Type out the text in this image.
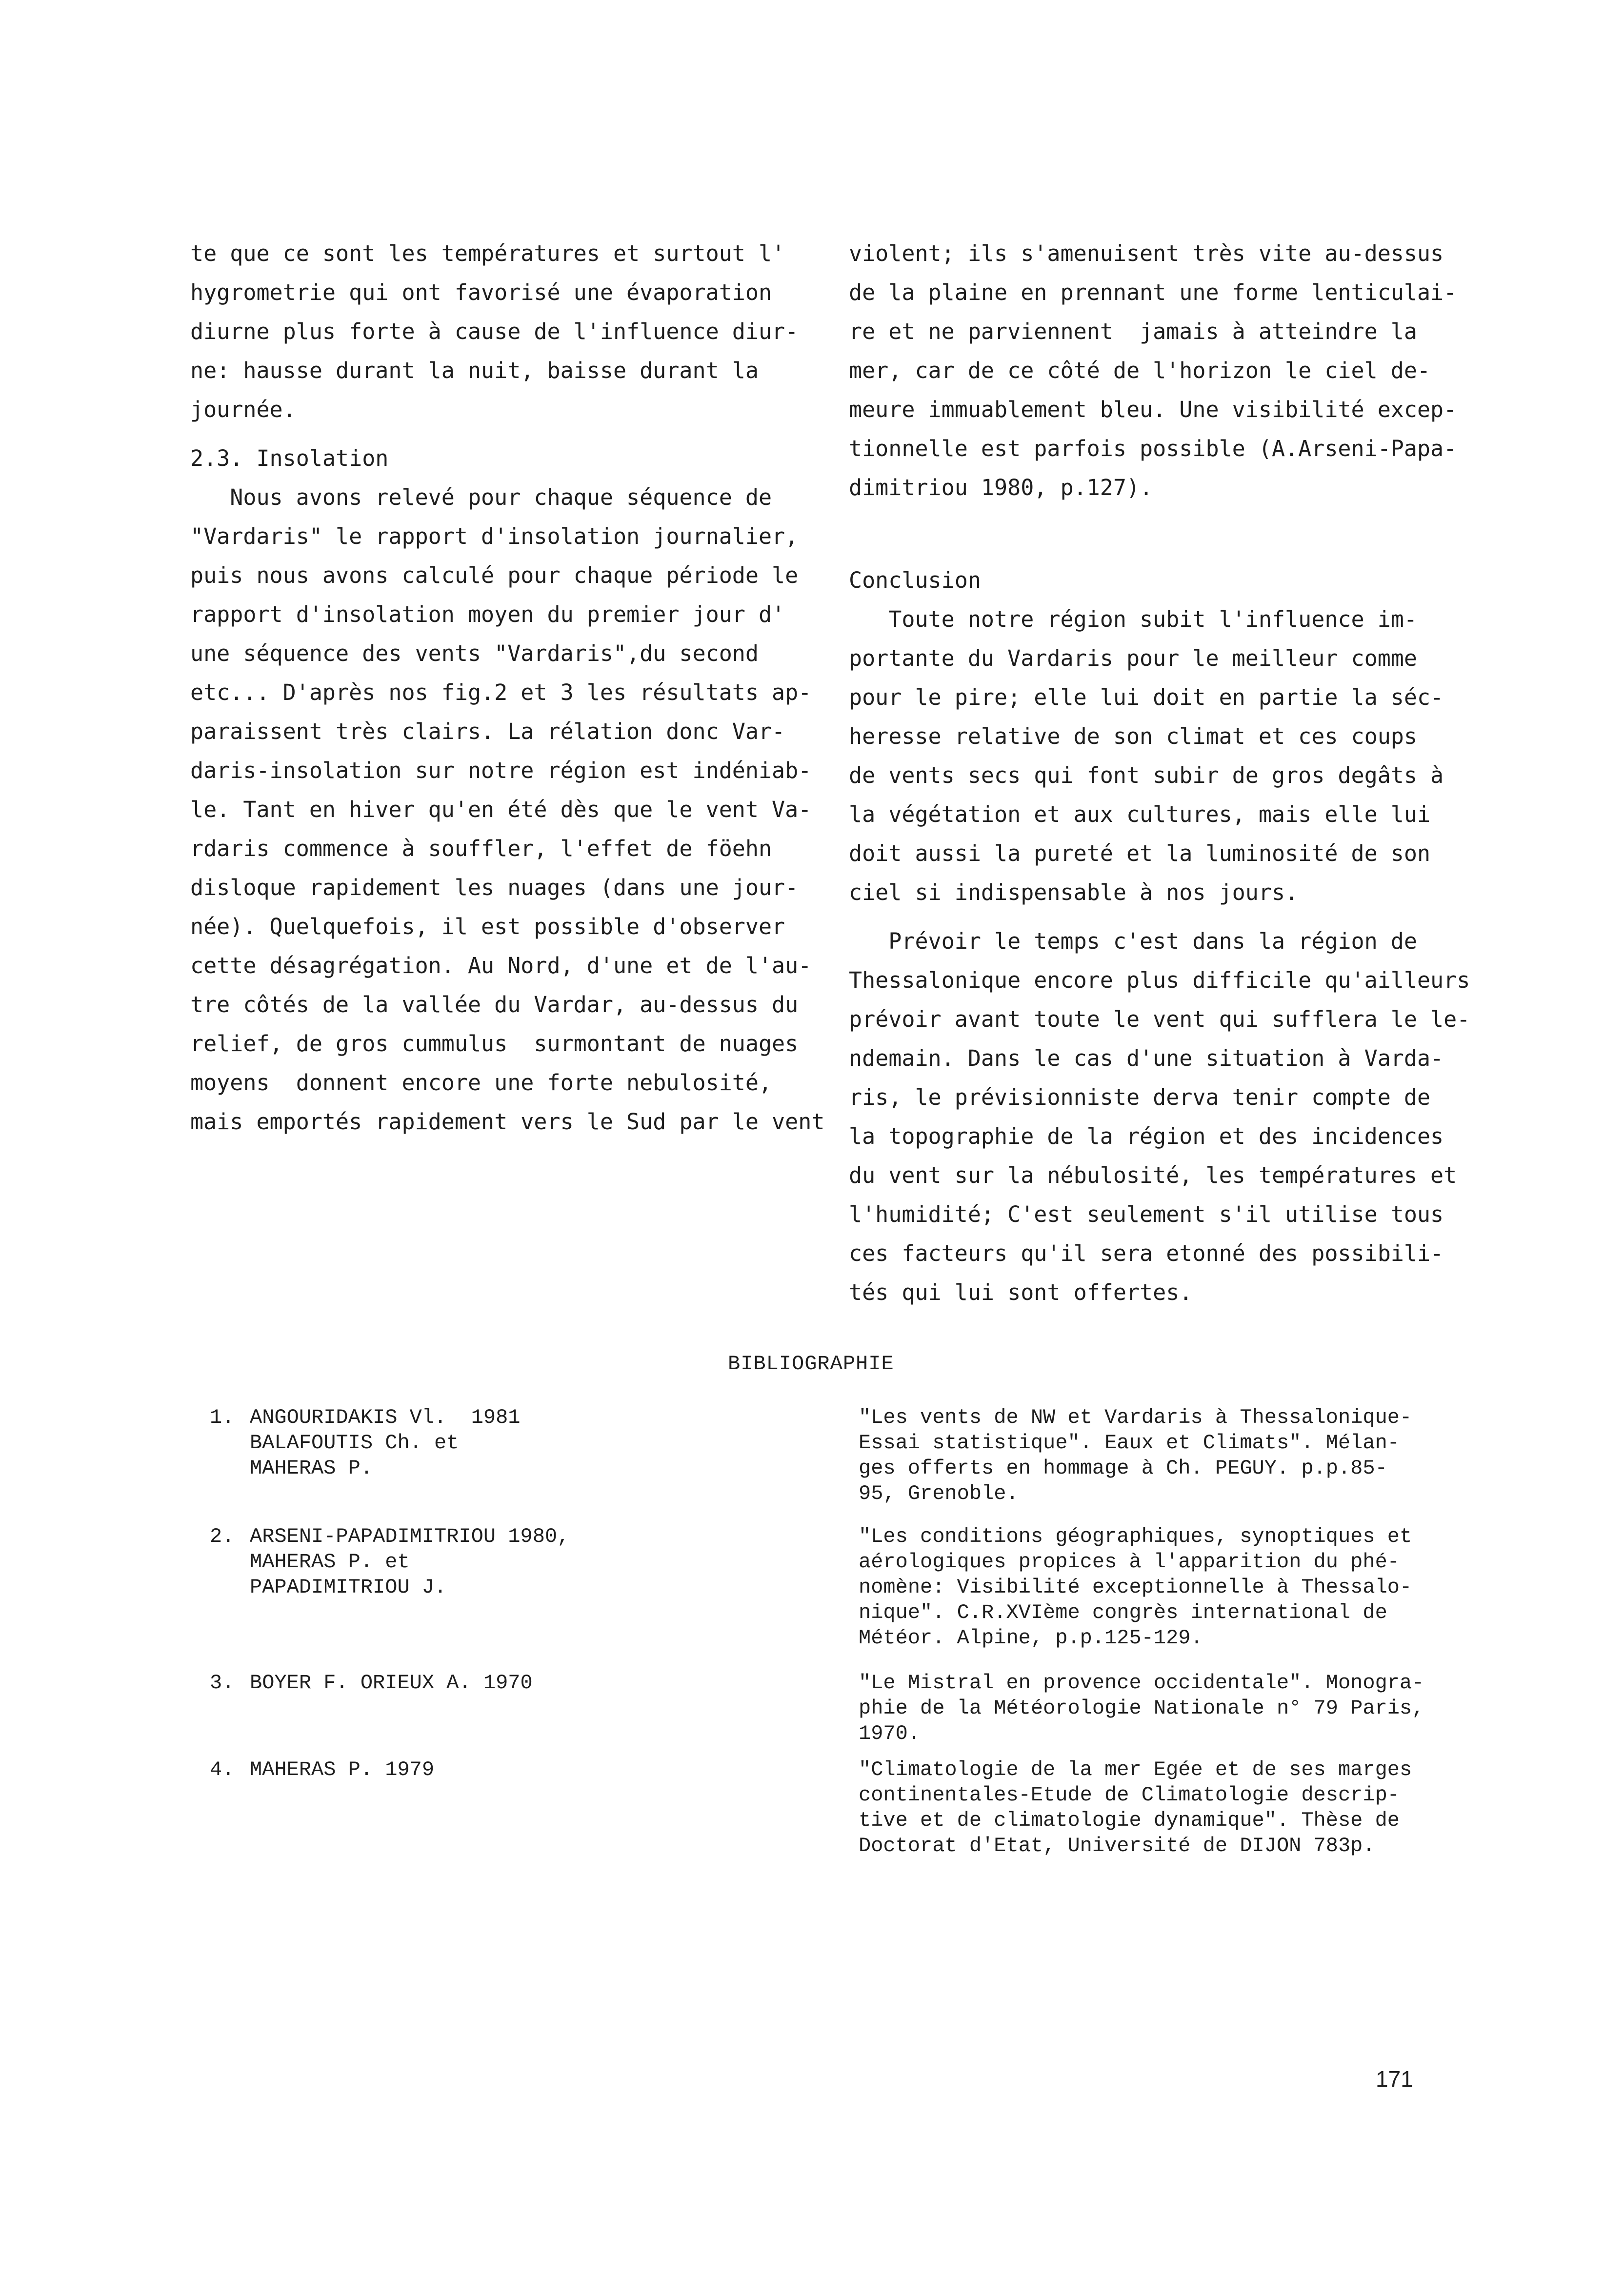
te que ce sont les températures et surtout l'
hygrometrie qui ont favorisé une évaporation
diurne plus forte à cause de l'influence diur-
ne: hausse durant la nuit, baisse durant la
journée.
2.3. Insolation
Nous avons relevé pour chaque séquence de
"Vardaris" le rapport d'insolation journalier,
puis nous avons calculé pour chaque période le
rapport d'insolation moyen du premier jour d'
une séquence des vents "Vardaris",du second
etc... D'après nos fig.2 et 3 les résultats ap-
paraissent très clairs. La rélation donc Var-
daris-insolation sur notre région est indéniab-
le. Tant en hiver qu'en été dès que le vent Va-
rdaris commence à souffler, l'effet de föehn
disloque rapidement les nuages (dans une jour-
née). Quelquefois, il est possible d'observer
cette désagrégation. Au Nord, d'une et de l'au-
tre côtés de la vallée du Vardar, au-dessus du
relief, de gros cummulus  surmontant de nuages
moyens  donnent encore une forte nebulosité,
mais emportés rapidement vers le Sud par le vent
violent; ils s'amenuisent très vite au-dessus
de la plaine en prennant une forme lenticulai-
re et ne parviennent  jamais à atteindre la
mer, car de ce côté de l'horizon le ciel de-
meure immuablement bleu. Une visibilité excep-
tionnelle est parfois possible (A.Arseni-Papa-
dimitriou 1980, p.127).
Conclusion
Toute notre région subit l'influence im-
portante du Vardaris pour le meilleur comme
pour le pire; elle lui doit en partie la séc-
heresse relative de son climat et ces coups
de vents secs qui font subir de gros degâts à
la végétation et aux cultures, mais elle lui
doit aussi la pureté et la luminosité de son
ciel si indispensable à nos jours.
Prévoir le temps c'est dans la région de
Thessalonique encore plus difficile qu'ailleurs
prévoir avant toute le vent qui sufflera le le-
ndemain. Dans le cas d'une situation à Varda-
ris, le prévisionniste derva tenir compte de
la topographie de la région et des incidences
du vent sur la nébulosité, les températures et
l'humidité; C'est seulement s'il utilise tous
ces facteurs qu'il sera etonné des possibili-
tés qui lui sont offertes.
BIBLIOGRAPHIE
1. ANGOURIDAKIS Vl.  1981
BALAFOUTIS Ch. et
MAHERAS P.
"Les vents de NW et Vardaris à Thessalonique-
Essai statistique". Eaux et Climats". Mélan-
ges offerts en hommage à Ch. PEGUY. p.p.85-
95, Grenoble.
2. ARSENI-PAPADIMITRIOU 1980,
MAHERAS P. et
PAPADIMITRIOU J.
"Les conditions géographiques, synoptiques et
aérologiques propices à l'apparition du phé-
nomène: Visibilité exceptionnelle à Thessalo-
nique". C.R.XVIème congrès international de
Météor. Alpine, p.p.125-129.
3. BOYER F. ORIEUX A. 1970	"Le Mistral en provence occidentale". Monogra-
phie de la Météorologie Nationale n° 79 Paris,
1970.
4. MAHERAS P. 1979	"Climatologie de la mer Egée et de ses marges
continentales-Etude de Climatologie descrip-
tive et de climatologie dynamique". Thèse de
Doctorat d'Etat, Université de DIJON 783p.
171
